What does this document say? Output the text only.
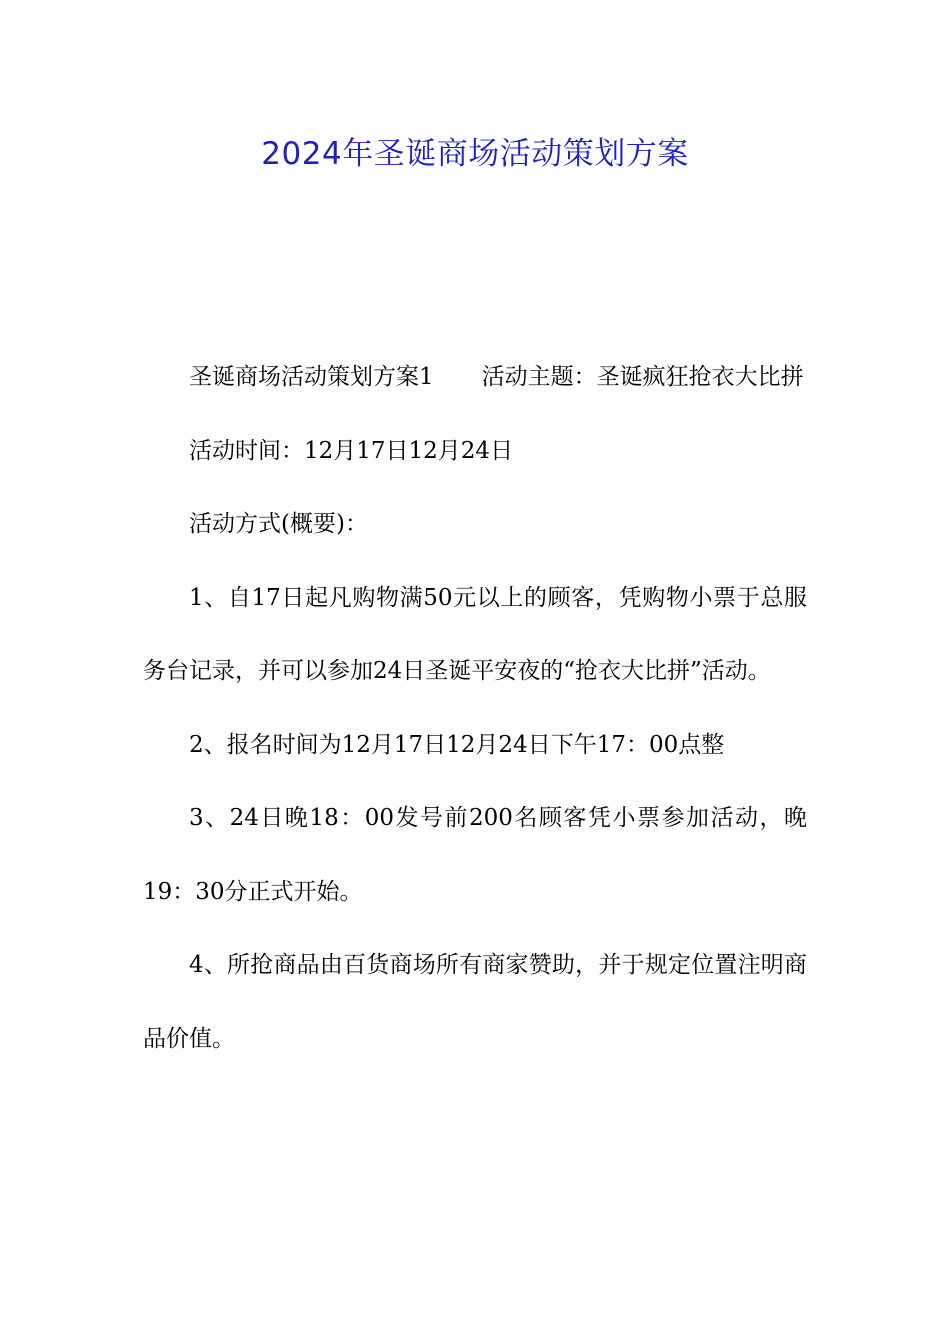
2024年圣诞商场活动策划方案

圣诞商场活动策划方案1 活动主题：圣诞疯狂抢衣大比拼

活动时间：12月17日12月24日

活动方式(概要)：

1、自17日起凡购物满50元以上的顾客，凭购物小票于总服务台记录，并可以参加24日圣诞平安夜的“抢衣大比拼”活动。

2、报名时间为12月17日12月24日下午17：00点整

3、24日晚18：00发号前200名顾客凭小票参加活动，晚19：30分正式开始。

4、所抢商品由百货商场所有商家赞助，并于规定位置注明商品价值。
